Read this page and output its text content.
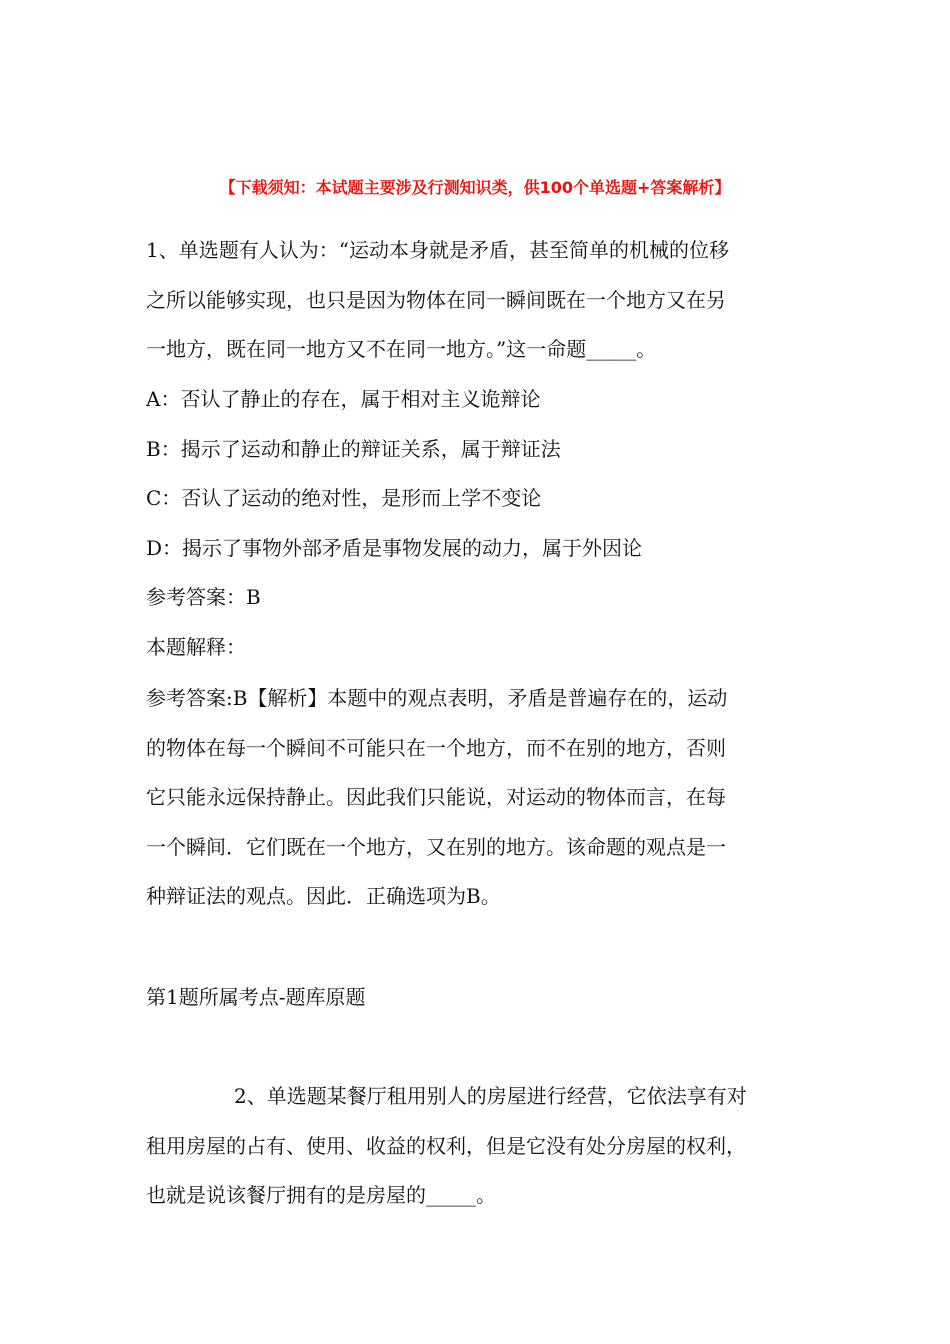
【下载须知：本试题主要涉及行测知识类，供100个单选题+答案解析】

1、单选题有人认为：“运动本身就是矛盾，甚至简单的机械的位移
之所以能够实现，也只是因为物体在同一瞬间既在一个地方又在另
一地方，既在同一地方又不在同一地方。”这一命题_____。

A：否认了静止的存在，属于相对主义诡辩论
B：揭示了运动和静止的辩证关系，属于辩证法
C：否认了运动的绝对性，是形而上学不变论
D：揭示了事物外部矛盾是事物发展的动力，属于外因论
参考答案：B
本题解释：

参考答案:B【解析】本题中的观点表明，矛盾是普遍存在的，运动
的物体在每一个瞬间不可能只在一个地方，而不在别的地方，否则
它只能永远保持静止。因此我们只能说，对运动的物体而言，在每
一个瞬间．它们既在一个地方，又在别的地方。该命题的观点是一
种辩证法的观点。因此．正确选项为B。

第1题所属考点-题库原题

2、单选题某餐厅租用别人的房屋进行经营，它依法享有对
租用房屋的占有、使用、收益的权利，但是它没有处分房屋的权利，
也就是说该餐厅拥有的是房屋的_____。
